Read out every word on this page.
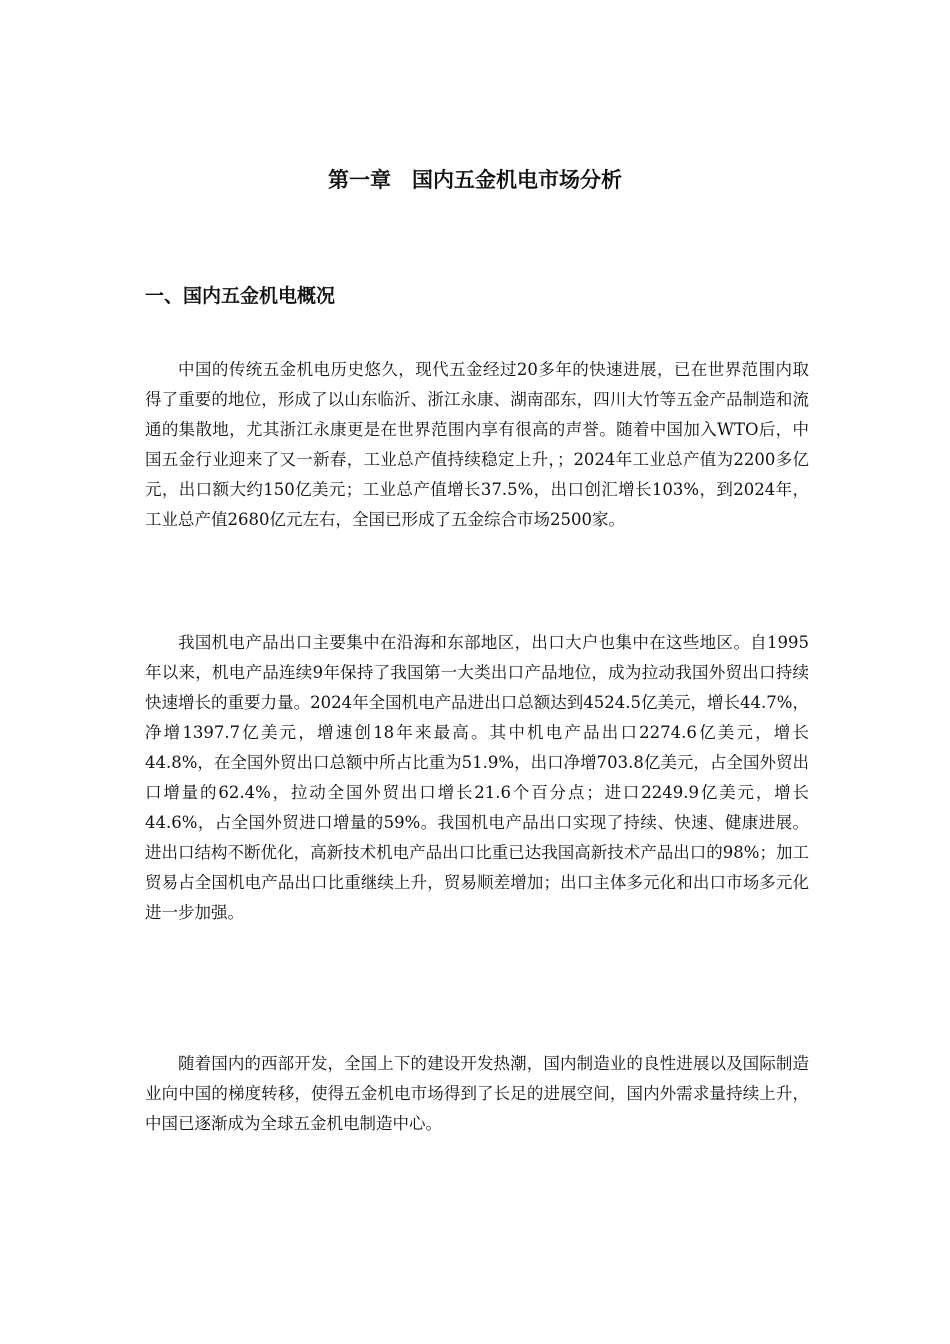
第一章　国内五金机电市场分析
一、国内五金机电概况

中国的传统五金机电历史悠久，现代五金经过20多年的快速进展，已在世界范围内取得了重要的地位，形成了以山东临沂、浙江永康、湖南邵东，四川大竹等五金产品制造和流通的集散地，尤其浙江永康更是在世界范围内享有很高的声誉。随着中国加入WTO后，中国五金行业迎来了又一新春，工业总产值持续稳定上升，；2024年工业总产值为2200多亿元，出口额大约150亿美元；工业总产值增长37.5%，出口创汇增长103%，到2024年，工业总产值2680亿元左右，全国已形成了五金综合市场2500家。

我国机电产品出口主要集中在沿海和东部地区，出口大户也集中在这些地区。自1995年以来，机电产品连续9年保持了我国第一大类出口产品地位，成为拉动我国外贸出口持续快速增长的重要力量。2024年全国机电产品进出口总额达到4524.5亿美元，增长44.7%，净增1397.7亿美元，增速创18年来最高。其中机电产品出口2274.6亿美元，增长44.8%，在全国外贸出口总额中所占比重为51.9%，出口净增703.8亿美元，占全国外贸出口增量的62.4%，拉动全国外贸出口增长21.6个百分点；进口2249.9亿美元，增长44.6%，占全国外贸进口增量的59%。我国机电产品出口实现了持续、快速、健康进展。进出口结构不断优化，高新技术机电产品出口比重已达我国高新技术产品出口的98%；加工贸易占全国机电产品出口比重继续上升，贸易顺差增加；出口主体多元化和出口市场多元化进一步加强。

随着国内的西部开发，全国上下的建设开发热潮，国内制造业的良性进展以及国际制造业向中国的梯度转移，使得五金机电市场得到了长足的进展空间，国内外需求量持续上升，中国已逐渐成为全球五金机电制造中心。
